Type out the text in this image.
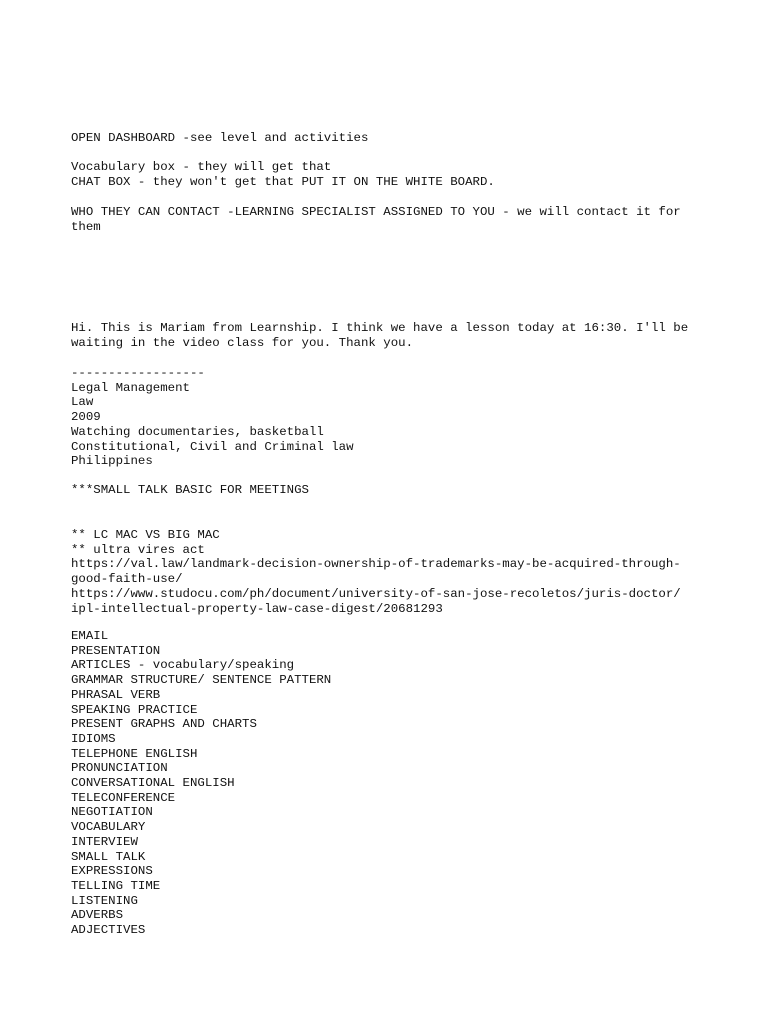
OPEN DASHBOARD -see level and activities

Vocabulary box - they will get that
CHAT BOX - they won't get that PUT IT ON THE WHITE BOARD.

WHO THEY CAN CONTACT -LEARNING SPECIALIST ASSIGNED TO YOU - we will contact it for
them

Hi. This is Mariam from Learnship. I think we have a lesson today at 16:30. I'll be
waiting in the video class for you. Thank you.

------------------
Legal Management
Law
2009
Watching documentaries, basketball
Constitutional, Civil and Criminal law
Philippines

***SMALL TALK BASIC FOR MEETINGS

** LC MAC VS BIG MAC
** ultra vires act
https://val.law/landmark-decision-ownership-of-trademarks-may-be-acquired-through-
good-faith-use/
https://www.studocu.com/ph/document/university-of-san-jose-recoletos/juris-doctor/
ipl-intellectual-property-law-case-digest/20681293

EMAIL
PRESENTATION
ARTICLES - vocabulary/speaking
GRAMMAR STRUCTURE/ SENTENCE PATTERN
PHRASAL VERB
SPEAKING PRACTICE
PRESENT GRAPHS AND CHARTS
IDIOMS
TELEPHONE ENGLISH
PRONUNCIATION
CONVERSATIONAL ENGLISH
TELECONFERENCE
NEGOTIATION
VOCABULARY
INTERVIEW
SMALL TALK
EXPRESSIONS
TELLING TIME
LISTENING
ADVERBS
ADJECTIVES
